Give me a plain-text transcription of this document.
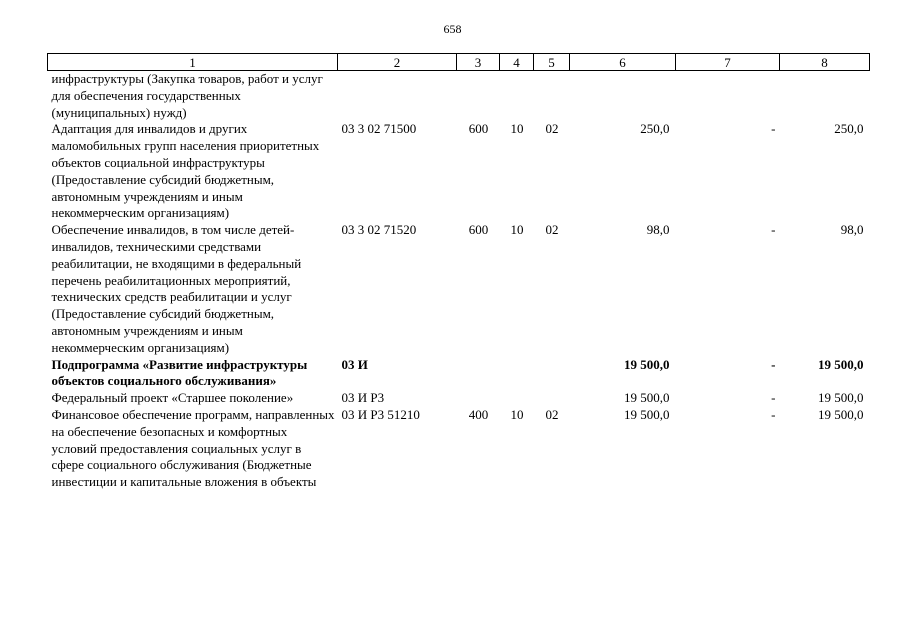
658
1	2	3	4	5	6	7	8
инфраструктуры (Закупка товаров, работ и услуг для обеспечения государственных (муниципальных) нужд)							
Адаптация для инвалидов и других маломобильных групп населения приоритетных объектов социальной инфраструктуры (Предоставление субсидий бюджетным, автономным учреждениям и иным некоммерческим организациям)	03 3 02 71500	600	10	02	250,0	-	250,0
Обеспечение инвалидов, в том числе детей-инвалидов, техническими средствами реабилитации, не входящими в федеральный перечень реабилитационных мероприятий, технических средств реабилитации и услуг (Предоставление субсидий бюджетным, автономным учреждениям и иным некоммерческим организациям)	03 3 02 71520	600	10	02	98,0	-	98,0
Подпрограмма «Развитие инфраструктуры объектов социального обслуживания»	03 И				19 500,0	-	19 500,0
Федеральный проект «Старшее поколение»	03 И P3				19 500,0	-	19 500,0
Финансовое обеспечение программ, направленных на обеспечение безопасных и комфортных условий предоставления социальных услуг в сфере социального обслуживания (Бюджетные инвестиции и капитальные вложения в объекты	03 И P3 51210	400	10	02	19 500,0	-	19 500,0
